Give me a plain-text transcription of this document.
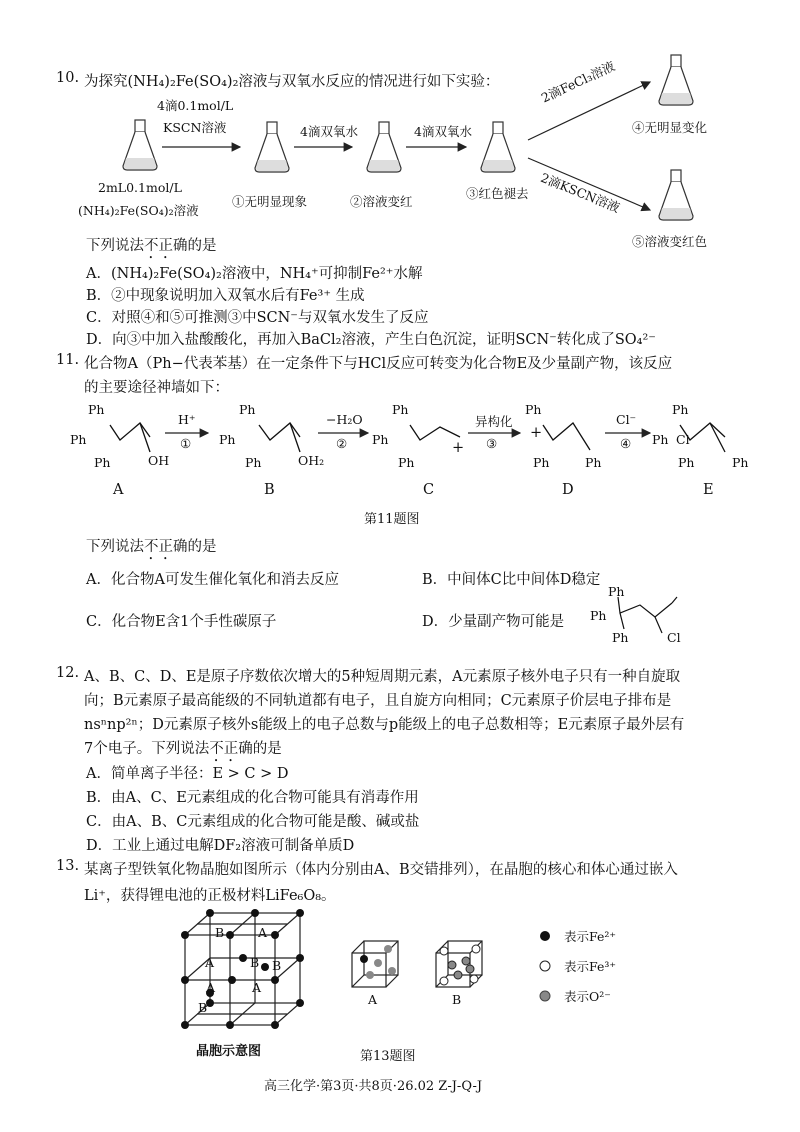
10. 为探究(NH₄)₂Fe(SO₄)₂溶液与双氧水反应的情况进行如下实验：
4滴0.1mol/L
KSCN溶液
2mL0.1mol/L
(NH₄)₂Fe(SO₄)₂溶液
4滴双氧水	4滴双氧水
①无明显现象	②溶液变红
③红色褪去
2滴FeCl₃溶液
2滴KSCN溶液
④无明显变化
⑤溶液变红色
下列说法不正确的是
A．(NH₄)₂Fe(SO₄)₂溶液中，NH₄⁺可抑制Fe²⁺水解
B．②中现象说明加入双氧水后有Fe³⁺ 生成
C．对照④和⑤可推测③中SCN⁻与双氧水发生了反应
D．向③中加入盐酸酸化，再加入BaCl₂溶液，产生白色沉淀，证明SCN⁻转化成了SO₄²⁻
11. 化合物A（Ph−代表苯基）在一定条件下与HCl反应可转变为化合物E及少量副产物，该反应
的主要途径神墙如下：
Ph
Ph
Ph	OH
A
H⁺
①
Ph
Ph
Ph	OH₂
B
−H₂O
②
Ph
Ph
Ph
+
C
异构化
③
Ph
+
Ph	Ph
D
Cl⁻
④
Ph
Ph Cl
Ph	Ph
E
第11题图
下列说法不正确的是
A．化合物A可发生催化氧化和消去反应	B．中间体C比中间体D稳定
C．化合物E含1个手性碳原子	D．少量副产物可能是
Ph
Ph
Ph	Cl
12. A、B、C、D、E是原子序数依次增大的5种短周期元素，A元素原子核外电子只有一种自旋取
向；B元素原子最高能级的不同轨道都有电子，且自旋方向相同；C元素原子价层电子排布是
nsⁿnp²ⁿ；D元素原子核外s能级上的电子总数与p能级上的电子总数相等；E元素原子最外层有
7个电子。下列说法不正确的是
A．简单离子半径：E > C > D
B．由A、C、E元素组成的化合物可能具有消毒作用
C．由A、B、C元素组成的化合物可能是酸、碱或盐
D．工业上通过电解DF₂溶液可制备单质D
13. 某离子型铁氧化物晶胞如图所示（体内分别由A、B交错排列），在晶胞的核心和体心通过嵌入
Li⁺，获得锂电池的正极材料LiFe₆O₈。
B
A
A
B
A
B
A
B
晶胞示意图
A	B
表示Fe²⁺
表示Fe³⁺
表示O²⁻
第13题图
高三化学·第3页·共8页·26.02 Z-J-Q-J
